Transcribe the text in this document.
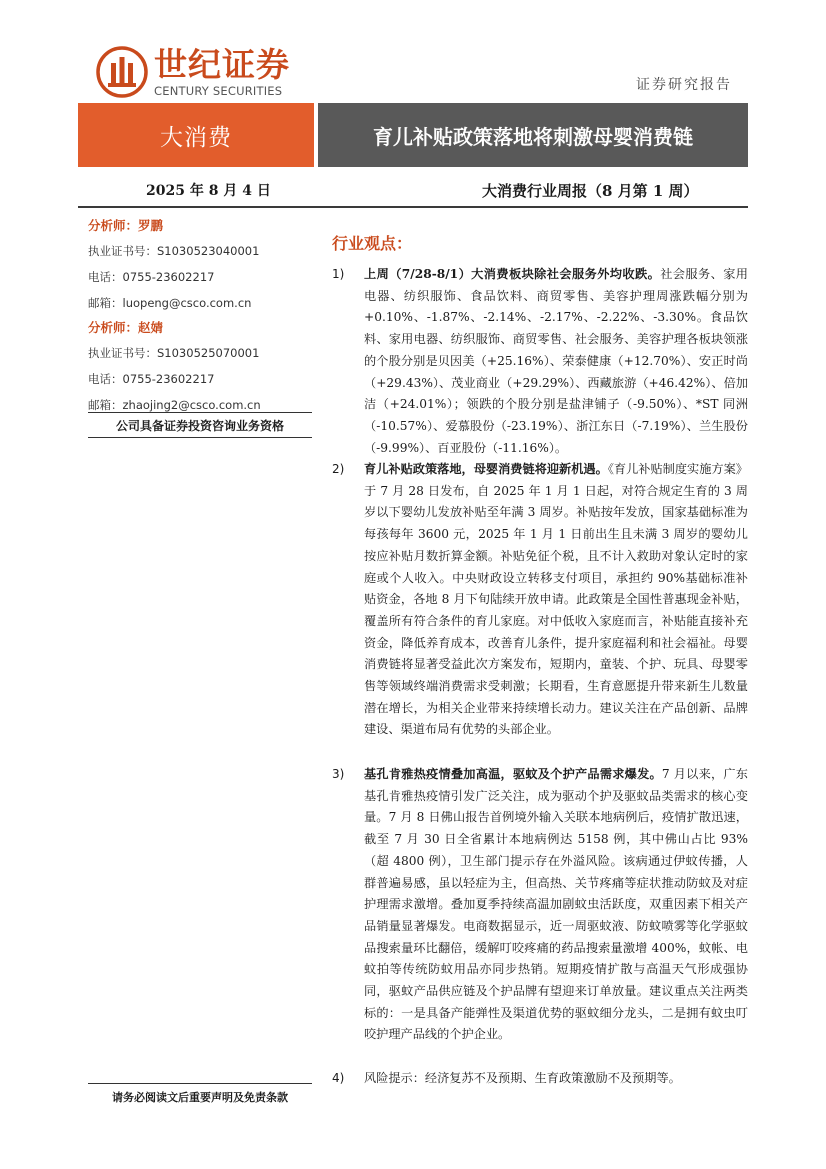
世纪证券
CENTURY SECURITIES	证券研究报告
大消费	育儿补贴政策落地将刺激母婴消费链
2025 年 8 月 4 日	大消费行业周报（8 月第 1 周）
分析师：罗鹏
执业证书号：S1030523040001
电话：0755-23602217
邮箱：luopeng@csco.com.cn
分析师：赵婧
执业证书号：S1030525070001
电话：0755-23602217
邮箱：zhaojing2@csco.com.cn
公司具备证券投资咨询业务资格
请务必阅读文后重要声明及免责条款
行业观点：
1)	上周（7/28-8/1）大消费板块除社会服务外均收跌。社会服务、家用电器、纺织服饰、食品饮料、商贸零售、美容护理周涨跌幅分别为+0.10%、-1.87%、-2.14%、-2.17%、-2.22%、-3.30%。食品饮料、家用电器、纺织服饰、商贸零售、社会服务、美容护理各板块领涨的个股分别是贝因美（+25.16%）、荣泰健康（+12.70%）、安正时尚（+29.43%）、茂业商业（+29.29%）、西藏旅游（+46.42%）、倍加洁（+24.01%）；领跌的个股分别是盐津铺子（-9.50%）、*ST 同洲（-10.57%）、爱慕股份（-23.19%）、浙江东日（-7.19%）、兰生股份（-9.99%）、百亚股份（-11.16%）。
2)	育儿补贴政策落地，母婴消费链将迎新机遇。《育儿补贴制度实施方案》于 7 月 28 日发布，自 2025 年 1 月 1 日起，对符合规定生育的 3 周岁以下婴幼儿发放补贴至年满 3 周岁。补贴按年发放，国家基础标准为每孩每年 3600 元，2025 年 1 月 1 日前出生且未满 3 周岁的婴幼儿按应补贴月数折算金额。补贴免征个税，且不计入救助对象认定时的家庭或个人收入。中央财政设立转移支付项目，承担约 90%基础标准补贴资金，各地 8 月下旬陆续开放申请。此政策是全国性普惠现金补贴，覆盖所有符合条件的育儿家庭。对中低收入家庭而言，补贴能直接补充资金，降低养育成本，改善育儿条件，提升家庭福利和社会福祉。母婴消费链将显著受益此次方案发布，短期内，童装、个护、玩具、母婴零售等领域终端消费需求受刺激；长期看，生育意愿提升带来新生儿数量潜在增长，为相关企业带来持续增长动力。建议关注在产品创新、品牌建设、渠道布局有优势的头部企业。
3)	基孔肯雅热疫情叠加高温，驱蚊及个护产品需求爆发。7 月以来，广东基孔肯雅热疫情引发广泛关注，成为驱动个护及驱蚊品类需求的核心变量。7 月 8 日佛山报告首例境外输入关联本地病例后，疫情扩散迅速，截至 7 月 30 日全省累计本地病例达 5158 例，其中佛山占比 93%（超 4800 例），卫生部门提示存在外溢风险。该病通过伊蚊传播，人群普遍易感，虽以轻症为主，但高热、关节疼痛等症状推动防蚊及对症护理需求激增。叠加夏季持续高温加剧蚊虫活跃度，双重因素下相关产品销量显著爆发。电商数据显示，近一周驱蚊液、防蚊喷雾等化学驱蚊品搜索量环比翻倍，缓解叮咬疼痛的药品搜索量激增 400%，蚊帐、电蚊拍等传统防蚊用品亦同步热销。短期疫情扩散与高温天气形成强协同，驱蚊产品供应链及个护品牌有望迎来订单放量。建议重点关注两类标的：一是具备产能弹性及渠道优势的驱蚊细分龙头，二是拥有蚊虫叮咬护理产品线的个护企业。
4)	风险提示：经济复苏不及预期、生育政策激励不及预期等。
